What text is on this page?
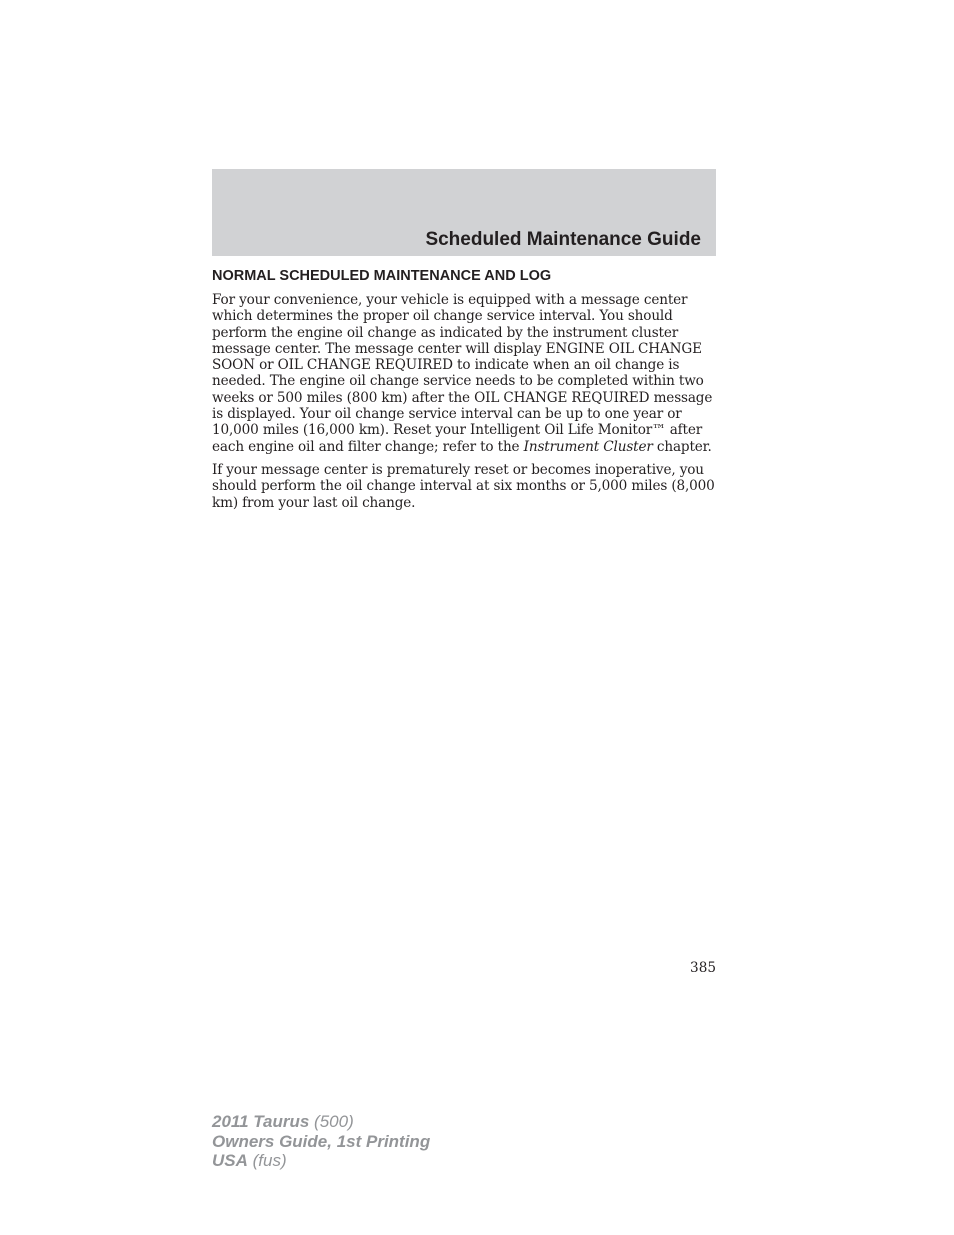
Scheduled Maintenance Guide
NORMAL SCHEDULED MAINTENANCE AND LOG

For your convenience, your vehicle is equipped with a message center which determines the proper oil change service interval. You should perform the engine oil change as indicated by the instrument cluster message center. The message center will display ENGINE OIL CHANGE SOON or OIL CHANGE REQUIRED to indicate when an oil change is needed. The engine oil change service needs to be completed within two weeks or 500 miles (800 km) after the OIL CHANGE REQUIRED message is displayed. Your oil change service interval can be up to one year or 10,000 miles (16,000 km). Reset your Intelligent Oil Life Monitor™ after each engine oil and filter change; refer to the Instrument Cluster chapter.

If your message center is prematurely reset or becomes inoperative, you should perform the oil change interval at six months or 5,000 miles (8,000 km) from your last oil change.

385
2011 Taurus (500)
Owners Guide, 1st Printing
USA (fus)
